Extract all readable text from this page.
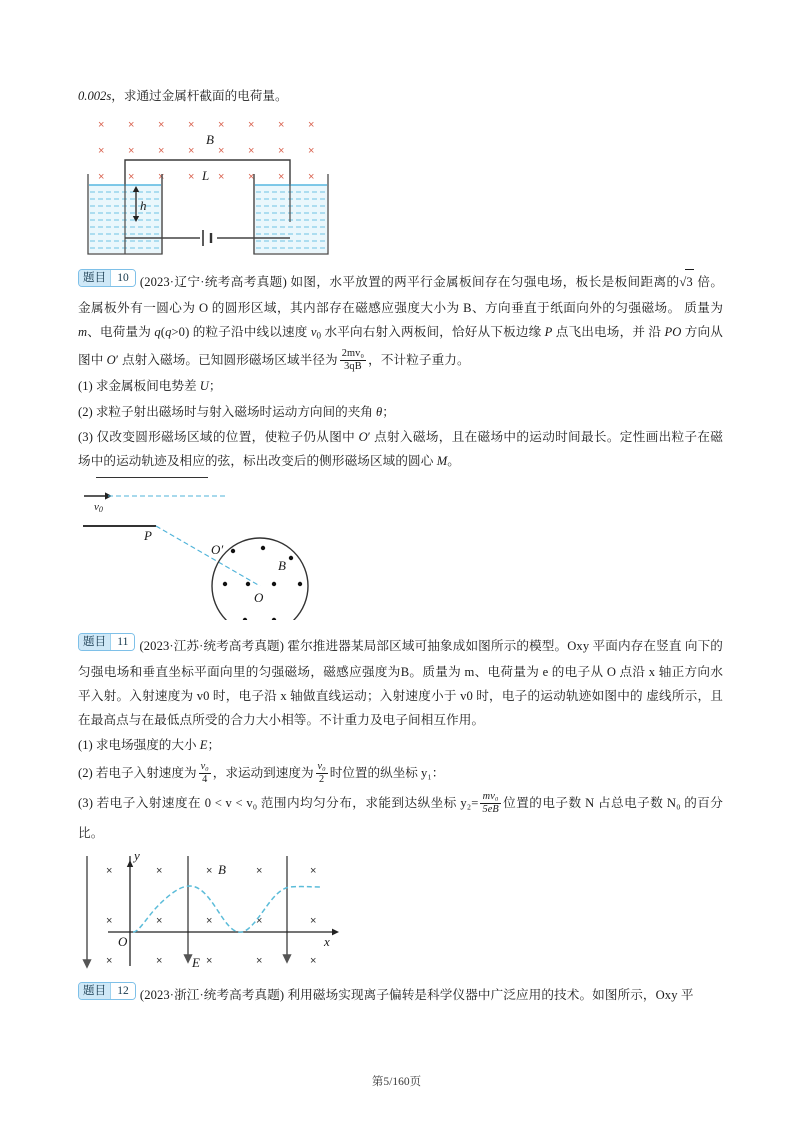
0.002s，求通过金属杆截面的电荷量。

× × × × × × × ×
× × × × × × × ×
× × × × × × × ×
B
L
h

题目 10 (2023·辽宁·统考高考真题) 如图，水平放置的两平行金属板间存在匀强电场，板长是板间距离的√3 倍。金属板外有一圆心为 O 的圆形区域，其内部存在磁感应强度大小为 B、方向垂直于纸面向外的匀强磁场。 质量为 m、电荷量为 q(q>0) 的粒子沿中线以速度 $v_0$ 水平向右射入两板间，恰好从下板边缘 P 点飞出电场，并 沿 PO 方向从图中 O′ 点射入磁场。已知圆形磁场区域半径为 $\frac{\text{2mv₀}}{3qB}$ ，不计粒子重力。

(1) 求金属板间电势差 U；

(2) 求粒子射出磁场时与射入磁场时运动方向间的夹角 θ；

(3) 仅改变圆形磁场区域的位置，使粒子仍从图中 O′ 点射入磁场，且在磁场中的运动时间最长。定性画出粒子在磁场中的运动轨迹及相应的弦，标出改变后的侧形磁场区域的圆心 M。

v0
P
O′
O
B

题目 11 (2023·江苏·统考高考真题) 霍尔推进器某局部区域可抽象成如图所示的模型。Oxy 平面内存在竖直 向下的匀强电场和垂直坐标平面向里的匀强磁场，磁感应强度为B。质量为 m、电荷量为 e 的电子从 O 点沿 x 轴正方向水平入射。入射速度为 v0 时，电子沿 x 轴做直线运动；入射速度小于 v0 时，电子的运动轨迹如图中的 虚线所示，且在最高点与在最低点所受的合力大小相等。不计重力及电子间相互作用。

(1) 求电场强度的大小 E；

(2) 若电子入射速度为 $\frac{\text{v₀}}{4}$ ，求运动到速度为 $\frac{\text{v₀}}{2}$ 时位置的纵坐标 y₁：

(3) 若电子入射速度在 0 < v < v₀ 范围内均匀分布，求能到达纵坐标 $y_2= \frac{\text{mv₀}}{5eB}$ 位置的电子数 N 占总电子数 N₀ 的百分比。

y
x
O
×	×	×	×	×
×	×	×	×	×
×	×	×	×	×
B
E

题目 12 (2023·浙江·统考高考真题) 利用磁场实现离子偏转是科学仪器中广泛应用的技术。如图所示，Oxy 平

第5/160页
